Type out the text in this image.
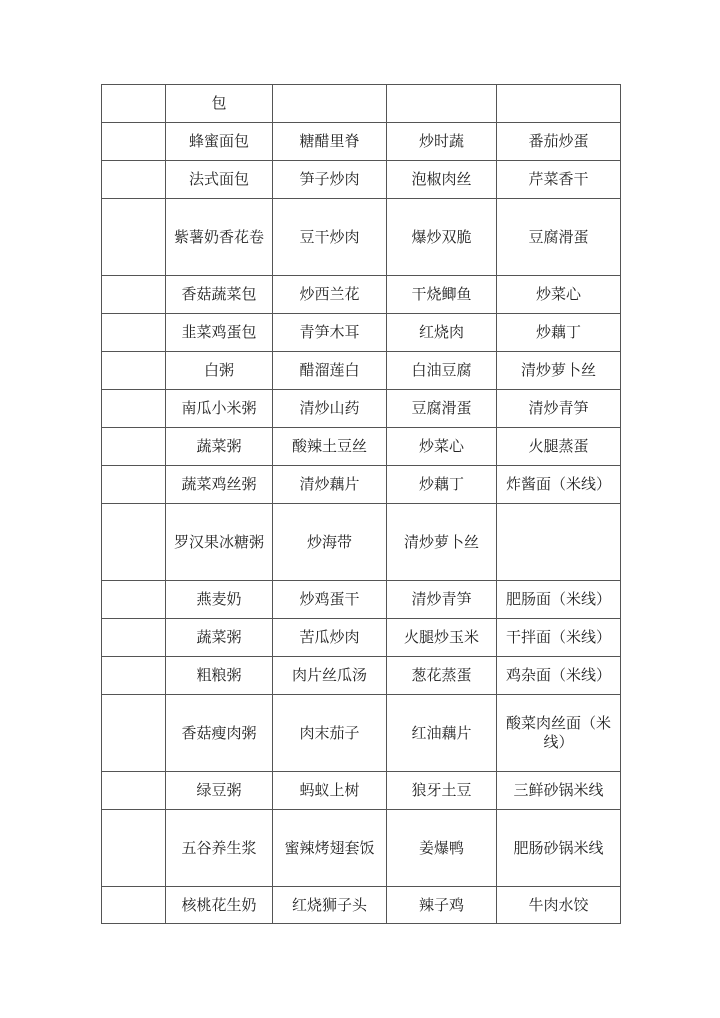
	包			
	蜂蜜面包	糖醋里脊	炒时蔬	番茄炒蛋
	法式面包	笋子炒肉	泡椒肉丝	芹菜香干
	紫薯奶香花卷	豆干炒肉	爆炒双脆	豆腐滑蛋
	香菇蔬菜包	炒西兰花	干烧鲫鱼	炒菜心
	韭菜鸡蛋包	青笋木耳	红烧肉	炒藕丁
	白粥	醋溜莲白	白油豆腐	清炒萝卜丝
	南瓜小米粥	清炒山药	豆腐滑蛋	清炒青笋
	蔬菜粥	酸辣土豆丝	炒菜心	火腿蒸蛋
	蔬菜鸡丝粥	清炒藕片	炒藕丁	炸酱面（米线）
	罗汉果冰糖粥	炒海带	清炒萝卜丝	
	燕麦奶	炒鸡蛋干	清炒青笋	肥肠面（米线）
	蔬菜粥	苦瓜炒肉	火腿炒玉米	干拌面（米线）
	粗粮粥	肉片丝瓜汤	葱花蒸蛋	鸡杂面（米线）
	香菇瘦肉粥	肉末茄子	红油藕片	酸菜肉丝面（米线）
	绿豆粥	蚂蚁上树	狼牙土豆	三鲜砂锅米线
	五谷养生浆	蜜辣烤翅套饭	姜爆鸭	肥肠砂锅米线
	核桃花生奶	红烧狮子头	辣子鸡	牛肉水饺
